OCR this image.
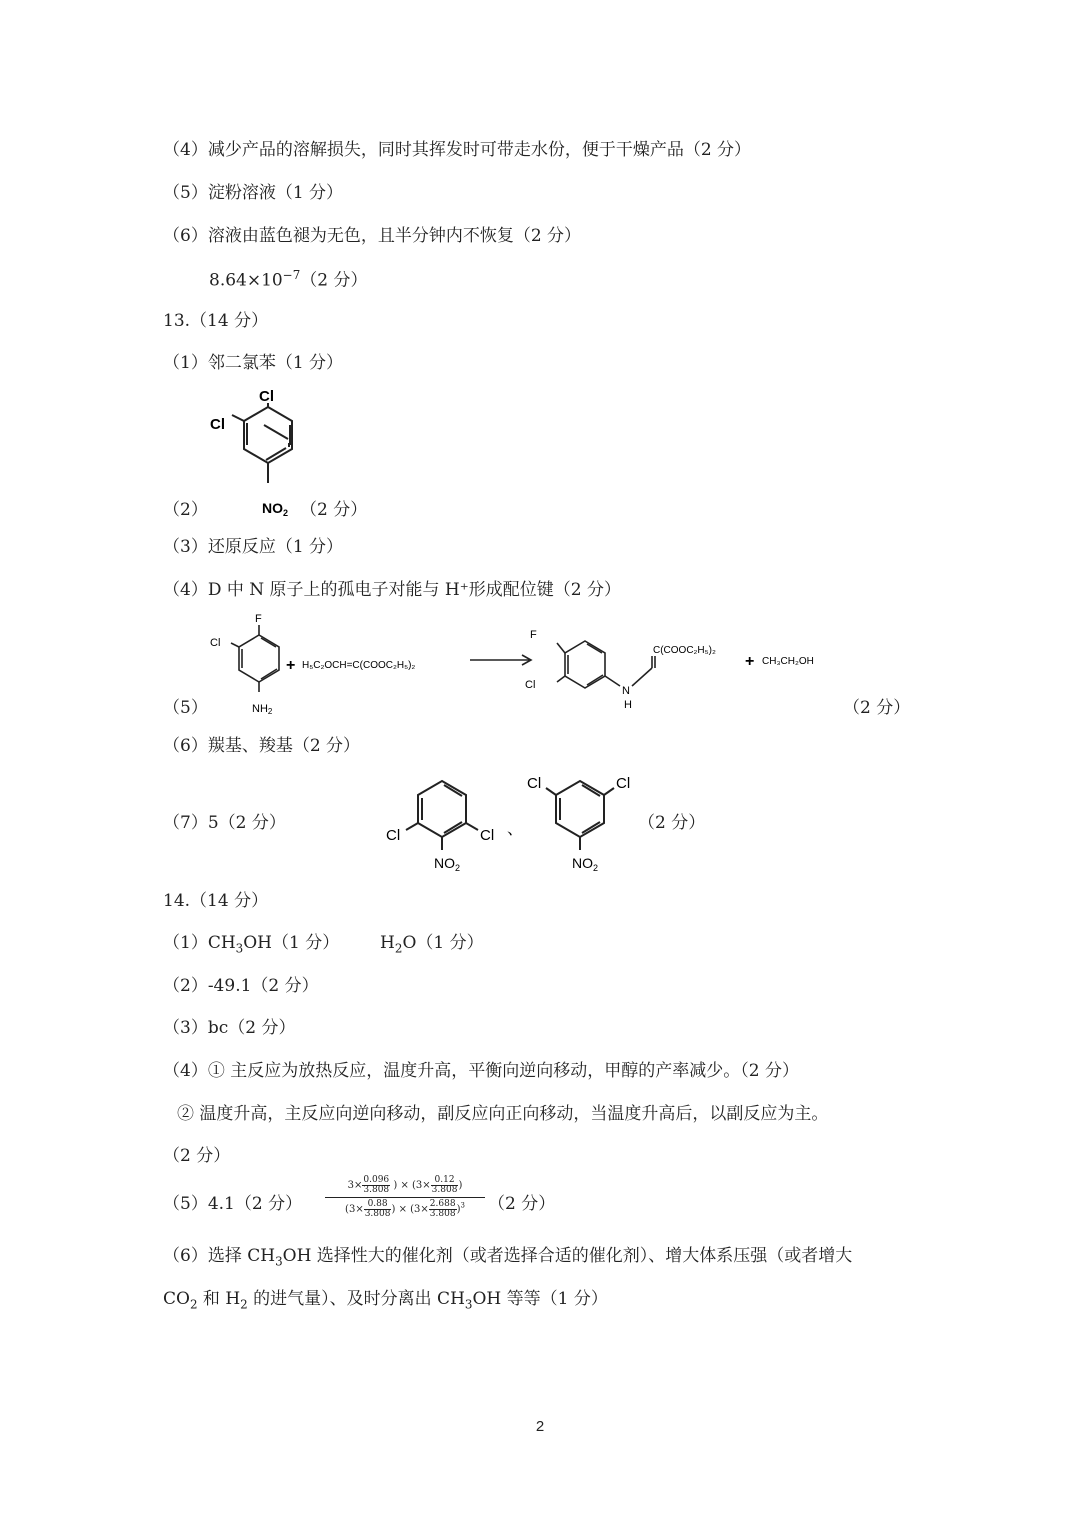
（4）减少产品的溶解损失，同时其挥发时可带走水份，便于干燥产品（2 分）
（5）淀粉溶液（1 分）
（6）溶液由蓝色褪为无色，且半分钟内不恢复（2 分）
$8.64\times 10^{-7}(2$ 分）
13.（14 分）
（1）邻二氯苯（1 分）
Cl
Cl
$NO_2$
（2）	（2 分）
（3）还原反应（1 分）
（4）D 中 N 原子上的孤电子对能与 H⁺形成配位键（2 分）
（5）
F
Cl
NH2
+ H₅C₂OCH=C(COOC₂H₅)₂
F
Cl	N
H
C(COOC₂H₅)₂
+ CH₃CH₂OH
（2 分）
（6）羰基、羧基（2 分）
（7）5（2 分）
Cl	Cl
$NO_2$
、
Cl	Cl
$NO_2$
（2 分）
14.（14 分）
$(1)CH_3OH(1$ 分） $H_2O(1$ 分）
（2）-49.1（2 分）
（3）bc（2 分）
（4）① 主反应为放热反应，温度升高，平衡向逆向移动，甲醇的产率减少。（2 分）
② 温度升高，主反应向逆向移动，副反应向正向移动，当温度升高后，以副反应为主。
（2 分）
（5）4.1（2 分）
$3\times \frac{0.096}{3.808}$ ) × ($3\times \frac{0.12}{3.808}$ )
($3\times \frac{0.88}{3.808}$ ) × $(3\times \frac{2.688}{3.808} )^3$	（2 分）
（6）选择 $CH_3OH$ 选择性大的催化剂（或者选择合适的催化剂）、增大体系压强（或者增大
$CO_2$ 和 $H_2$ 的进气量）、及时分离出 $CH_3OH$ 等等（1 分）
2
